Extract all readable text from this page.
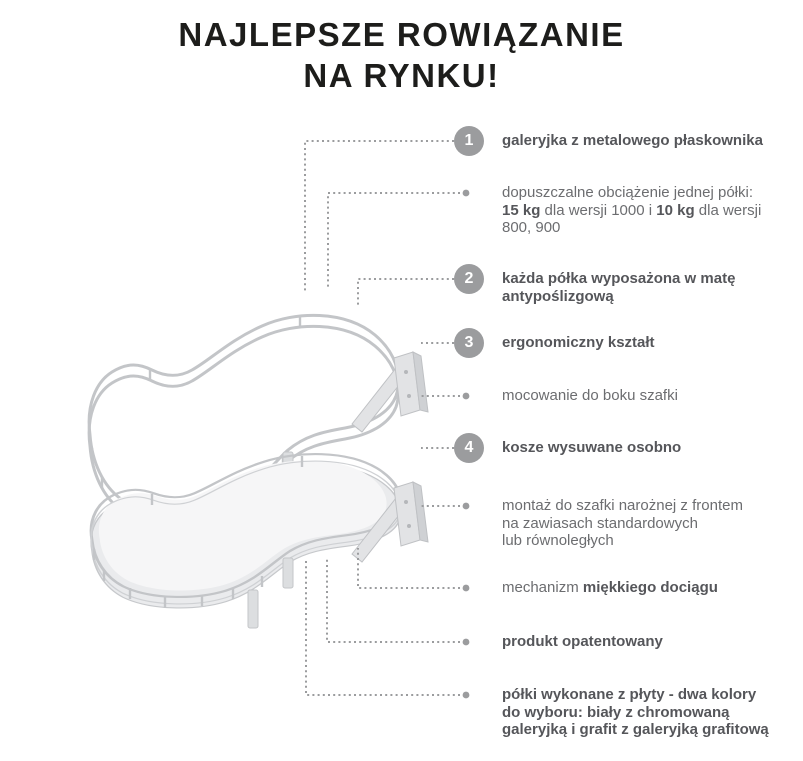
NAJLEPSZE ROWIĄZANIE
NA RYNKU!
1	galeryjka z metalowego płaskownika
dopuszczalne obciążenie jednej półki:
15 kg dla wersji 1000 i 10 kg dla wersji
800, 900
2	każda półka wyposażona w matę
antypoślizgową
3	ergonomiczny kształt
mocowanie do boku szafki
4	kosze wysuwane osobno
montaż do szafki narożnej z frontem
na zawiasach standardowych
lub równoległych
mechanizm miękkiego dociągu
produkt opatentowany
półki wykonane z płyty - dwa kolory
do wyboru: biały z chromowaną
galeryjką i grafit z galeryjką grafitową
